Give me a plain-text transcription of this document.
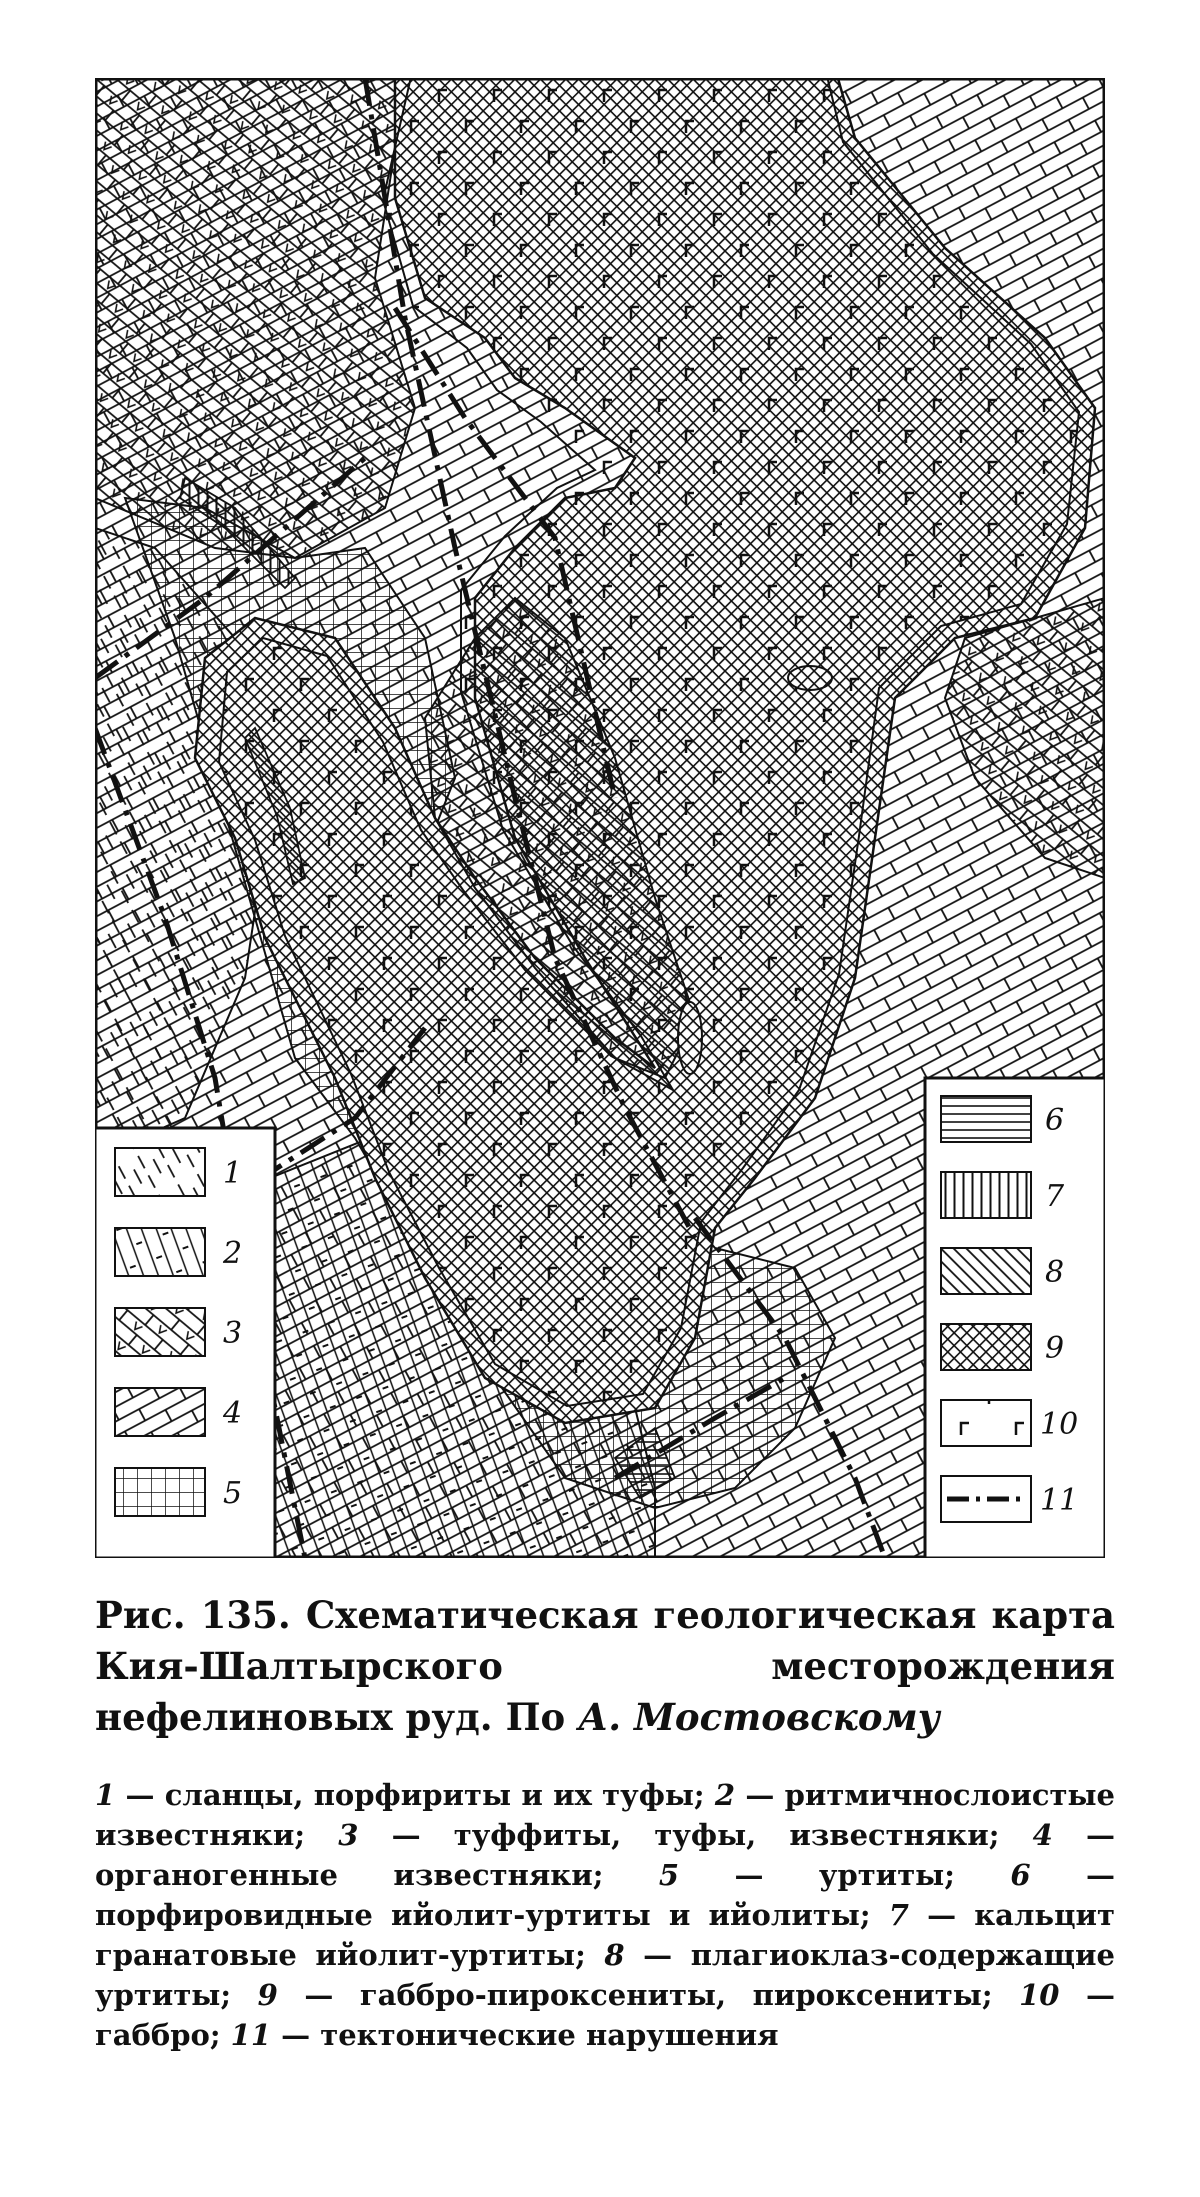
1
2
3
4
5
6
7
8
9
10
11

Рис. 135. Схематическая геологическая карта Кия-Шалтырского месторождения нефелиновых руд. По А. Мостовскому

1 — сланцы, порфириты и их туфы; 2 — ритмичнослоистые известняки; 3 — туффиты, туфы, известняки; 4 — органогенные известняки; 5 — уртиты; 6 — порфировидные ийолит-уртиты и ийолиты; 7 — кальцит гранатовые ийолит-уртиты; 8 — плагиоклаз-содержащие уртиты; 9 — габбро-пироксениты, пироксениты; 10 — габбро; 11 — тектонические нарушения
